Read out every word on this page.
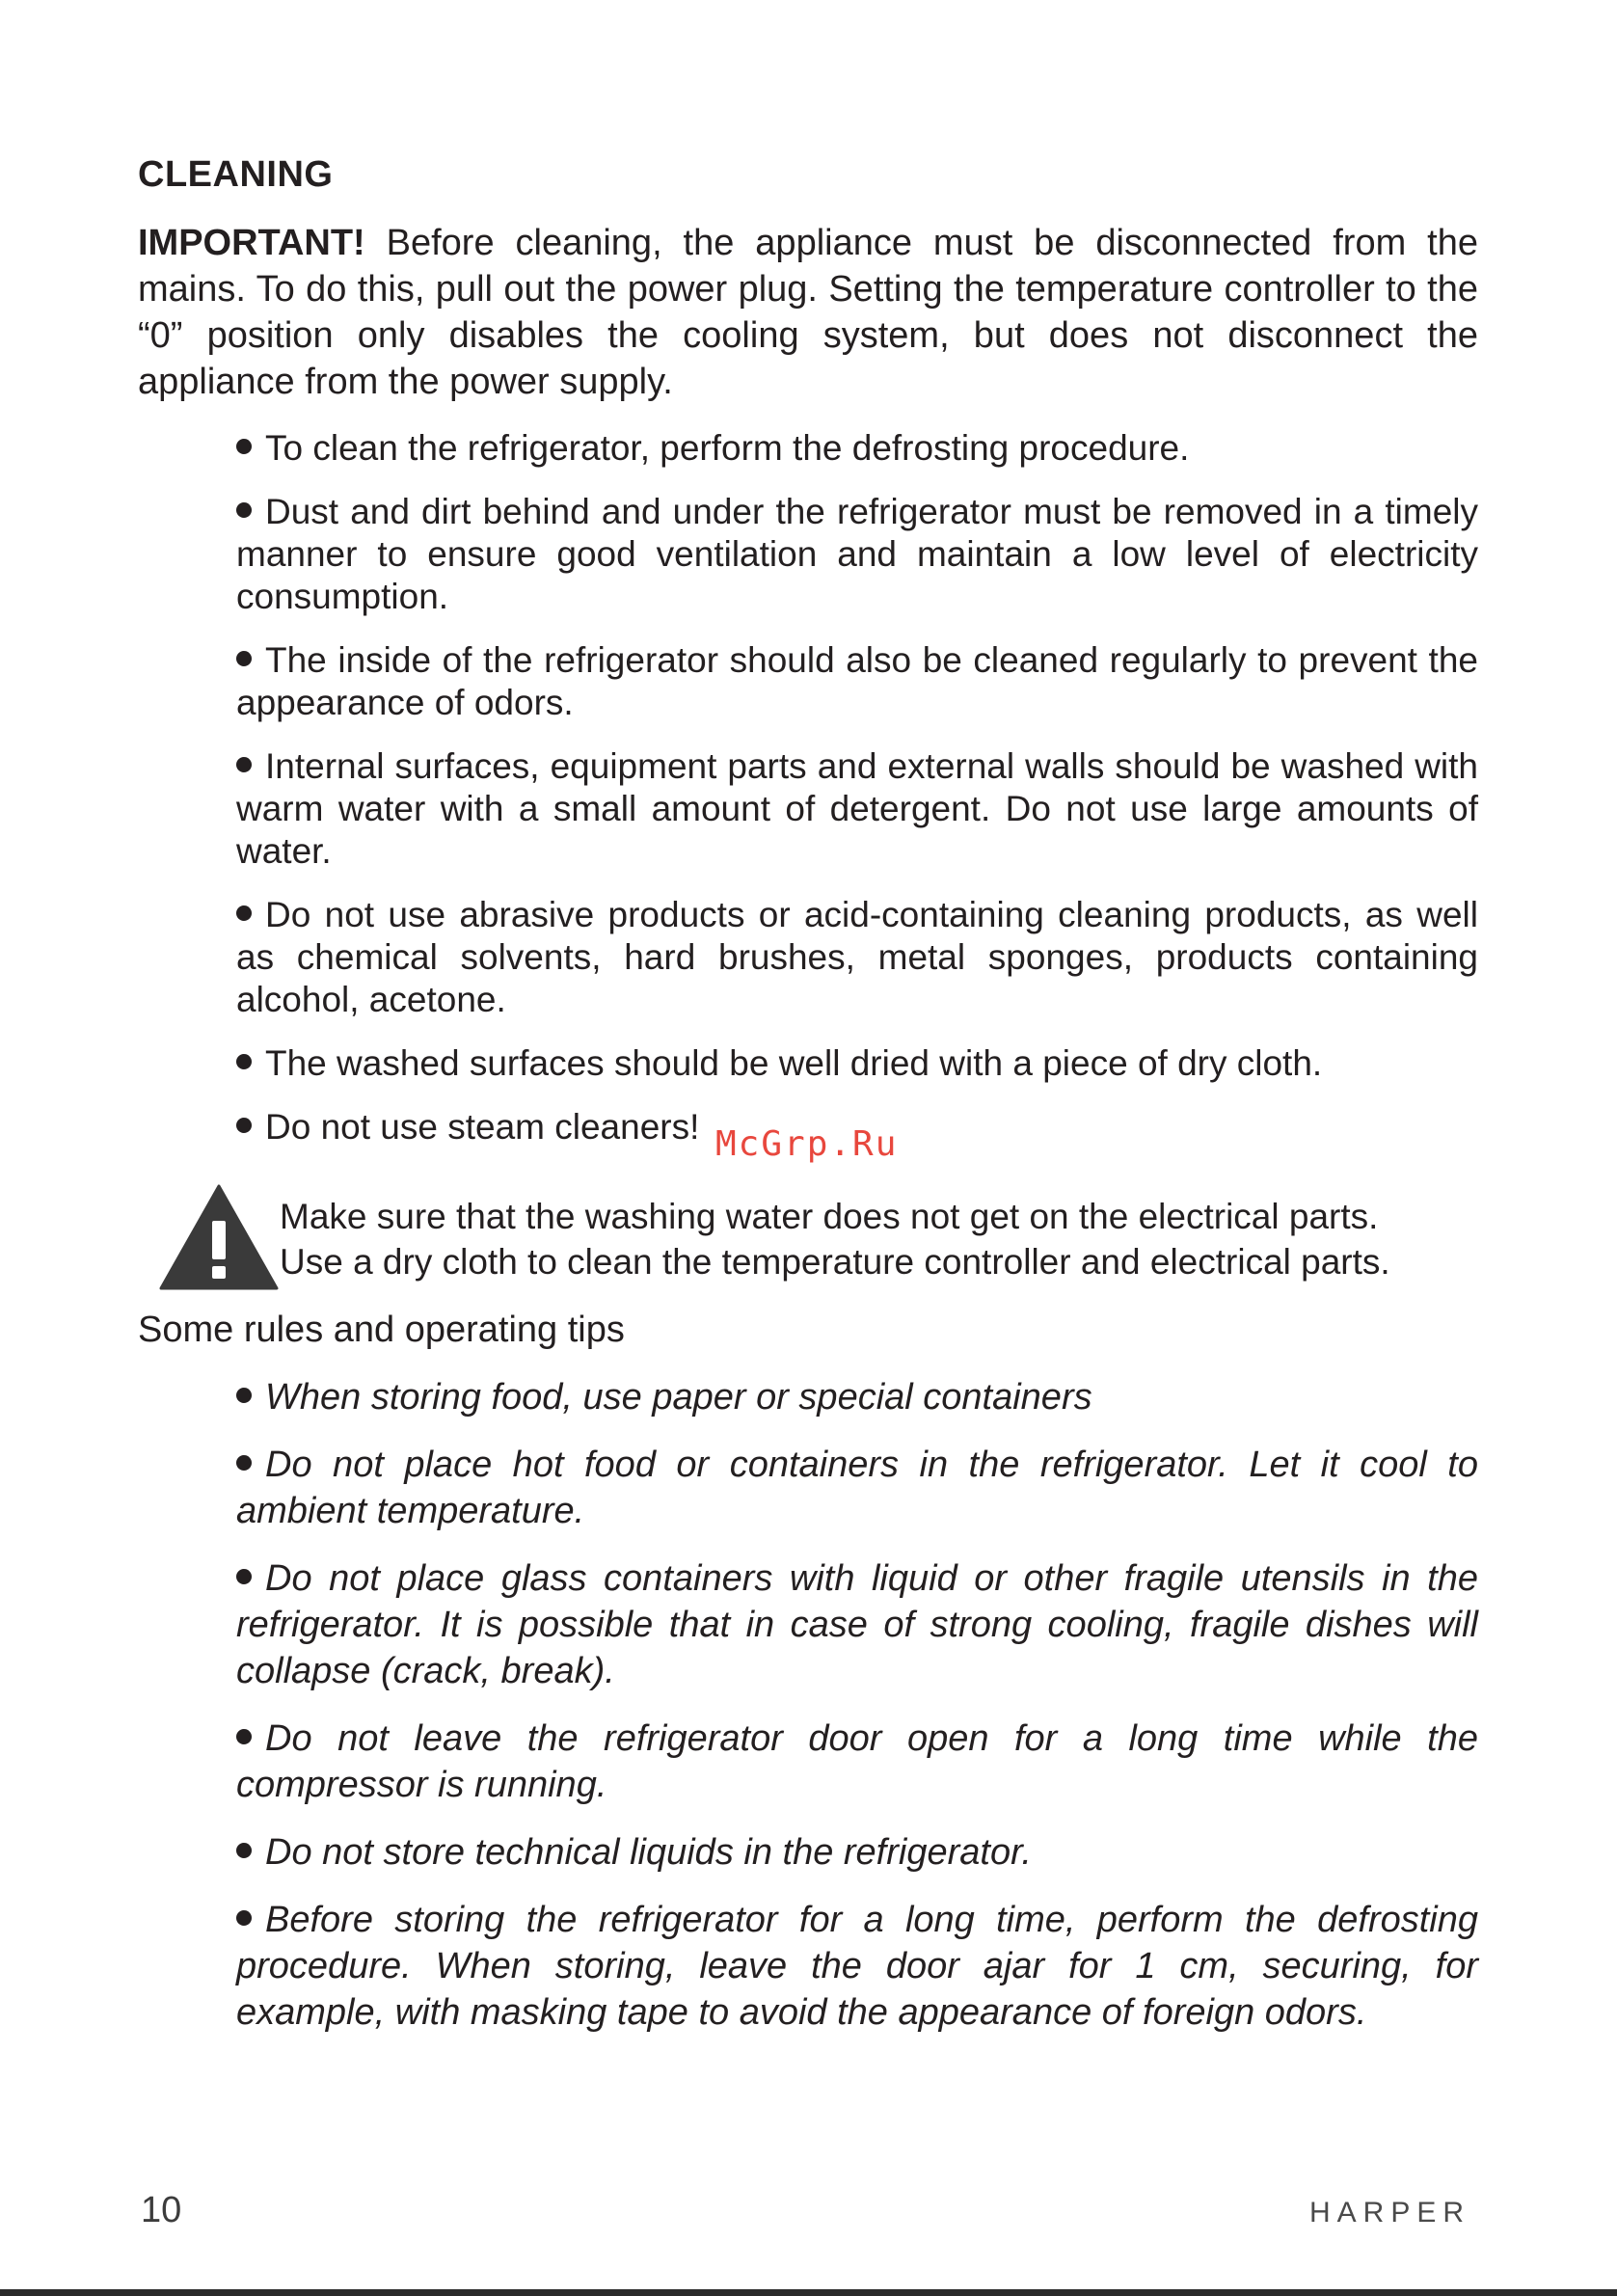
CLEANING
IMPORTANT! Before cleaning, the appliance must be disconnected from the mains. To do this, pull out the power plug. Setting the temperature controller to the “0” position only disables the cooling system, but does not disconnect the appliance from the power supply.
To clean the refrigerator, perform the defrosting procedure.
Dust and dirt behind and under the refrigerator must be removed in a timely manner to ensure good ventilation and maintain a low level of electricity consumption.
The inside of the refrigerator should also be cleaned regularly to prevent the appearance of odors.
Internal surfaces, equipment parts and external walls should be washed with warm water with a small amount of detergent. Do not use large amounts of water.
Do not use abrasive products or acid-containing cleaning products, as well as chemical solvents, hard brushes, metal sponges, products containing alcohol, acetone.
The washed surfaces should be well dried with a piece of dry cloth.
Do not use steam cleaners! McGrp.Ru
Make sure that the washing water does not get on the electrical parts.
Use a dry cloth to clean the temperature controller and electrical parts.
Some rules and operating tips
When storing food, use paper or special containers
Do not place hot food or containers in the refrigerator. Let it cool to ambient temperature.
Do not place glass containers with liquid or other fragile utensils in the refrigerator. It is possible that in case of strong cooling, fragile dishes will collapse (crack, break).
Do not leave the refrigerator door open for a long time while the compressor is running.
Do not store technical liquids in the refrigerator.
Before storing the refrigerator for a long time, perform the defrosting procedure. When storing, leave the door ajar for 1 cm, securing, for example, with masking tape to avoid the appearance of foreign odors.
10	HARPER
